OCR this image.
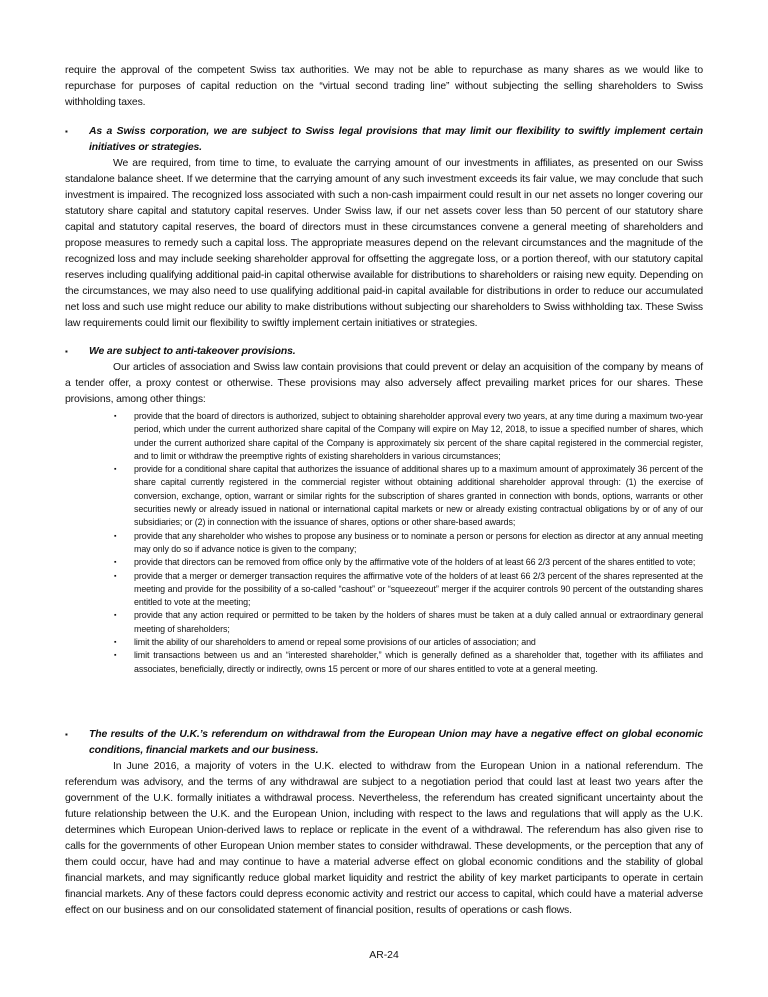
require the approval of the competent Swiss tax authorities. We may not be able to repurchase as many shares as we would like to repurchase for purposes of capital reduction on the “virtual second trading line” without subjecting the selling shareholders to Swiss withholding taxes.

▪ As a Swiss corporation, we are subject to Swiss legal provisions that may limit our flexibility to swiftly implement certain initiatives or strategies.

We are required, from time to time, to evaluate the carrying amount of our investments in affiliates, as presented on our Swiss standalone balance sheet. If we determine that the carrying amount of any such investment exceeds its fair value, we may conclude that such investment is impaired. The recognized loss associated with such a non-cash impairment could result in our net assets no longer covering our statutory share capital and statutory capital reserves. Under Swiss law, if our net assets cover less than 50 percent of our statutory share capital and statutory capital reserves, the board of directors must in these circumstances convene a general meeting of shareholders and propose measures to remedy such a capital loss. The appropriate measures depend on the relevant circumstances and the magnitude of the recognized loss and may include seeking shareholder approval for offsetting the aggregate loss, or a portion thereof, with our statutory capital reserves including qualifying additional paid-in capital otherwise available for distributions to shareholders or raising new equity. Depending on the circumstances, we may also need to use qualifying additional paid-in capital available for distributions in order to reduce our accumulated net loss and such use might reduce our ability to make distributions without subjecting our shareholders to Swiss withholding tax. These Swiss law requirements could limit our flexibility to swiftly implement certain initiatives or strategies.

▪ We are subject to anti-takeover provisions.

Our articles of association and Swiss law contain provisions that could prevent or delay an acquisition of the company by means of a tender offer, a proxy contest or otherwise. These provisions may also adversely affect prevailing market prices for our shares. These provisions, among other things:

▪ provide that the board of directors is authorized, subject to obtaining shareholder approval every two years, at any time during a maximum two-year period, which under the current authorized share capital of the Company will expire on May 12, 2018, to issue a specified number of shares, which under the current authorized share capital of the Company is approximately six percent of the share capital registered in the commercial register, and to limit or withdraw the preemptive rights of existing shareholders in various circumstances;
▪ provide for a conditional share capital that authorizes the issuance of additional shares up to a maximum amount of approximately 36 percent of the share capital currently registered in the commercial register without obtaining additional shareholder approval through: (1) the exercise of conversion, exchange, option, warrant or similar rights for the subscription of shares granted in connection with bonds, options, warrants or other securities newly or already issued in national or international capital markets or new or already existing contractual obligations by or of any of our subsidiaries; or (2) in connection with the issuance of shares, options or other share-based awards;
▪ provide that any shareholder who wishes to propose any business or to nominate a person or persons for election as director at any annual meeting may only do so if advance notice is given to the company;
▪ provide that directors can be removed from office only by the affirmative vote of the holders of at least 66 2/3 percent of the shares entitled to vote;
▪ provide that a merger or demerger transaction requires the affirmative vote of the holders of at least 66 2/3 percent of the shares represented at the meeting and provide for the possibility of a so-called “cashout” or “squeezeout” merger if the acquirer controls 90 percent of the outstanding shares entitled to vote at the meeting;
▪ provide that any action required or permitted to be taken by the holders of shares must be taken at a duly called annual or extraordinary general meeting of shareholders;
▪ limit the ability of our shareholders to amend or repeal some provisions of our articles of association; and
▪ limit transactions between us and an “interested shareholder,” which is generally defined as a shareholder that, together with its affiliates and associates, beneficially, directly or indirectly, owns 15 percent or more of our shares entitled to vote at a general meeting.
▪ The results of the U.K.’s referendum on withdrawal from the European Union may have a negative effect on global economic conditions, financial markets and our business.

In June 2016, a majority of voters in the U.K. elected to withdraw from the European Union in a national referendum. The referendum was advisory, and the terms of any withdrawal are subject to a negotiation period that could last at least two years after the government of the U.K. formally initiates a withdrawal process. Nevertheless, the referendum has created significant uncertainty about the future relationship between the U.K. and the European Union, including with respect to the laws and regulations that will apply as the U.K. determines which European Union-derived laws to replace or replicate in the event of a withdrawal. The referendum has also given rise to calls for the governments of other European Union member states to consider withdrawal. These developments, or the perception that any of them could occur, have had and may continue to have a material adverse effect on global economic conditions and the stability of global financial markets, and may significantly reduce global market liquidity and restrict the ability of key market participants to operate in certain financial markets. Any of these factors could depress economic activity and restrict our access to capital, which could have a material adverse effect on our business and on our consolidated statement of financial position, results of operations or cash flows.

AR-24
